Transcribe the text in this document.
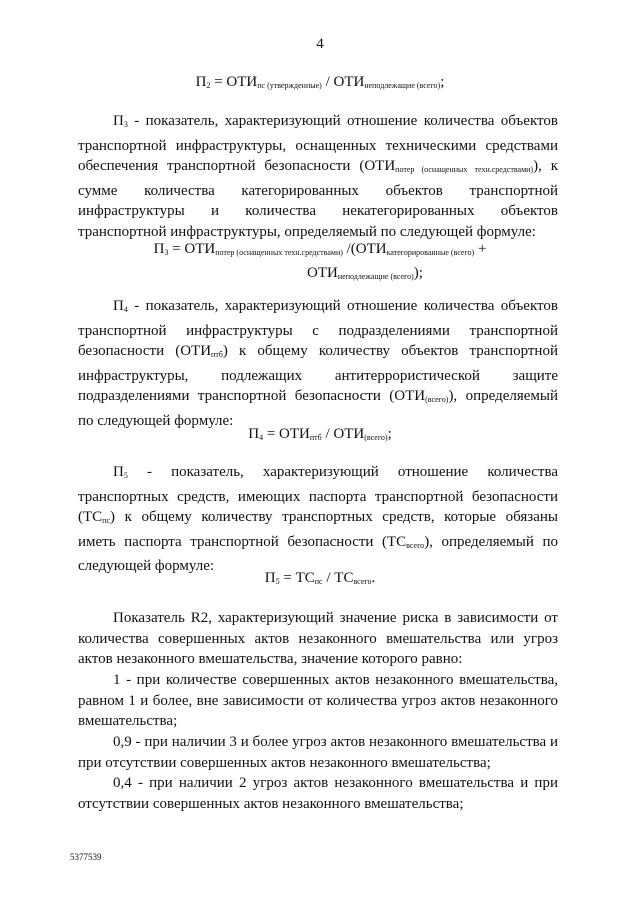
4
$П_2 = ОТИ_{пс (утвержденные)} / ОТИ_{неподлежащие (всего)}$;
$П_3$ - показатель, характеризующий отношение количества объектов транспортной инфраструктуры, оснащенных техническими средствами обеспечения транспортной безопасности $(ОТИ_{потер (оснащенных техн.средствами)})$, к сумме количества категорированных объектов транспортной инфраструктуры и количества некатегорированных объектов транспортной инфраструктуры, определяемый по следующей формуле:
$П_3 = ОТИ_{потер (оснащенных техн.средствами)}$ $/(ОТИ_{категорированные (всего)}$ +
$ОТИ_{неподлежащие (всего)}$);
$П_4$ - показатель, характеризующий отношение количества объектов транспортной инфраструктуры с подразделениями транспортной безопасности $(ОТИ_{птб})$ к общему количеству объектов транспортной инфраструктуры, подлежащих антитеррористической защите подразделениями транспортной безопасности $(ОТИ_{(всего)})$, определяемый по следующей формуле:
$П_4 = ОТИ_{птб} / ОТИ_{(всего)}$;
$П_5$ - показатель, характеризующий отношение количества транспортных средств, имеющих паспорта транспортной безопасности $(ТС_{пс})$ к общему количеству транспортных средств, которые обязаны иметь паспорта транспортной безопасности $(ТС_{всего})$, определяемый по следующей формуле:
$П_5 = ТС_{пс} / ТС_{всего}$.
Показатель R2, характеризующий значение риска в зависимости от количества совершенных актов незаконного вмешательства или угроз актов незаконного вмешательства, значение которого равно:
1 - при количестве совершенных актов незаконного вмешательства, равном 1 и более, вне зависимости от количества угроз актов незаконного вмешательства;
0,9 - при наличии 3 и более угроз актов незаконного вмешательства и при отсутствии совершенных актов незаконного вмешательства;
0,4 - при наличии 2 угроз актов незаконного вмешательства и при отсутствии совершенных актов незаконного вмешательства;
5377539
